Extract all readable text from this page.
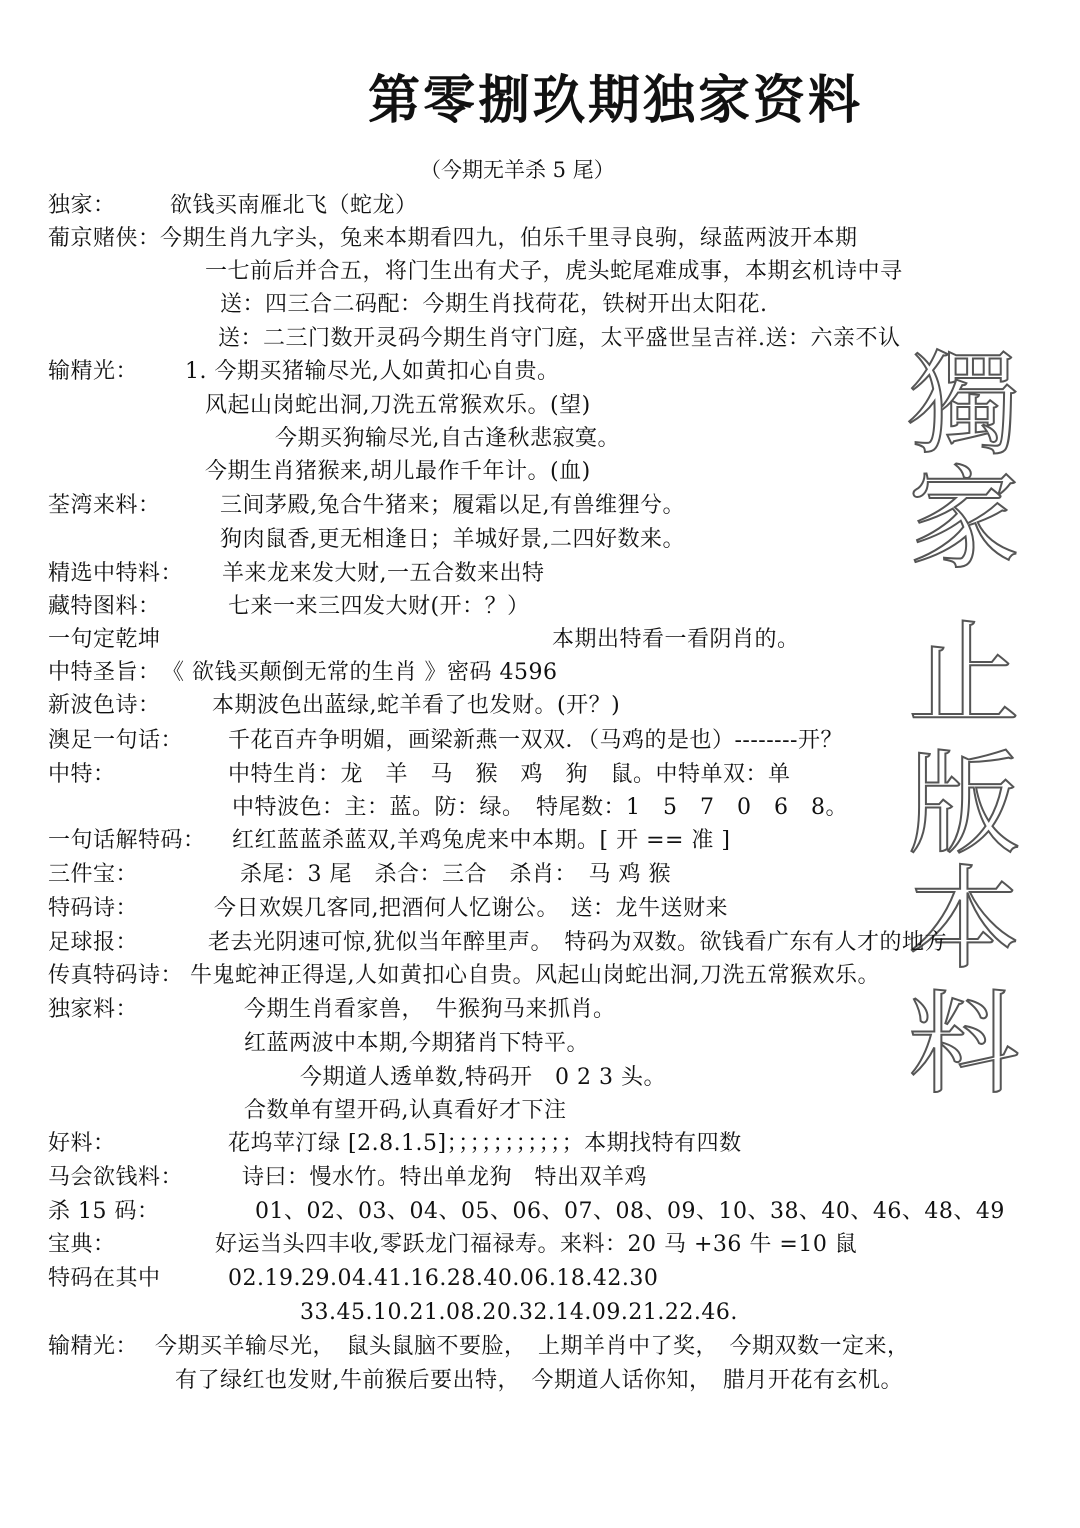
第零捌玖期独家资料
（今期无羊杀 5 尾）
獨
家
止
版
本
料
独家： 欲钱买南雁北飞（蛇龙）
葡京赌侠： 今期生肖九字头，兔来本期看四九，伯乐千里寻良驹，绿蓝两波开本期
一七前后并合五，将门生出有犬子，虎头蛇尾难成事，本期玄机诗中寻
送：四三合二码配：今期生肖找荷花，铁树开出太阳花.
送：二三门数开灵码今期生肖守门庭，太平盛世呈吉祥.送：六亲不认
输精光： 1. 今期买猪输尽光,人如黄扣心自贵。
风起山岗蛇出洞,刀洗五常猴欢乐。(望)
今期买狗输尽光,自古逢秋悲寂寞。
今期生肖猪猴来,胡儿最作千年计。(血)
荃湾来料：	三间茅殿,兔合牛猪来；履霜以足,有兽维狸兮。
狗肉鼠香,更无相逢日；羊城好景,二四好数来。
精选中特料： 羊来龙来发大财,一五合数来出特
藏特图料：	七来一来三四发大财(开：？）
一句定乾坤	本期出特看一看阴肖的。
中特圣旨： 《 欲钱买颠倒无常的生肖 》密码 4596
新波色诗： 本期波色出蓝绿,蛇羊看了也发财。(开？)
澳足一句话： 千花百卉争明媚，画梁新燕一双双．（马鸡的是也）--------开？
中特：	中特生肖：龙　羊　马　猴　鸡　狗　鼠。中特单双：单
中特波色：主：蓝。防：绿。　特尾数：1　5　7　0　6　8。
一句话解特码： 红红蓝蓝杀蓝双,羊鸡兔虎来中本期。[ 开 == 准 ]
三件宝：	杀尾：3 尾　杀合：三合　杀肖：　马 鸡 猴
特码诗：	今日欢娱几客同,把酒何人忆谢公。　送：龙牛送财来
足球报：	老去光阴速可惊,犹似当年醉里声。　特码为双数。欲钱看广东有人才的地方
传真特码诗： 牛鬼蛇神正得逞,人如黄扣心自贵。风起山岗蛇出洞,刀洗五常猴欢乐。
独家料：	今期生肖看家兽，　牛猴狗马来抓肖。
红蓝两波中本期,今期猪肖下特平。
今期道人透单数,特码开　0 2 3 头。
合数单有望开码,认真看好才下注
好料：	花坞苹汀绿 [2.8.1.5]；；；；；；；；；；；本期找特有四数
马会欲钱料：	诗曰：慢水竹。特出单龙狗　特出双羊鸡
杀 15 码：	01、02、03、04、05、06、07、08、09、10、38、40、46、48、49
宝典：	好运当头四丰收,零跃龙门福禄寿。来料：20 马 +36 牛 =10 鼠
特码在其中	02.19.29.04.41.16.28.40.06.18.42.30
33.45.10.21.08.20.32.14.09.21.22.46.
输精光： 今期买羊输尽光，　鼠头鼠脑不要脸，　上期羊肖中了奖，　今期双数一定来，
有了绿红也发财,牛前猴后要出特，　今期道人话你知，　腊月开花有玄机。
